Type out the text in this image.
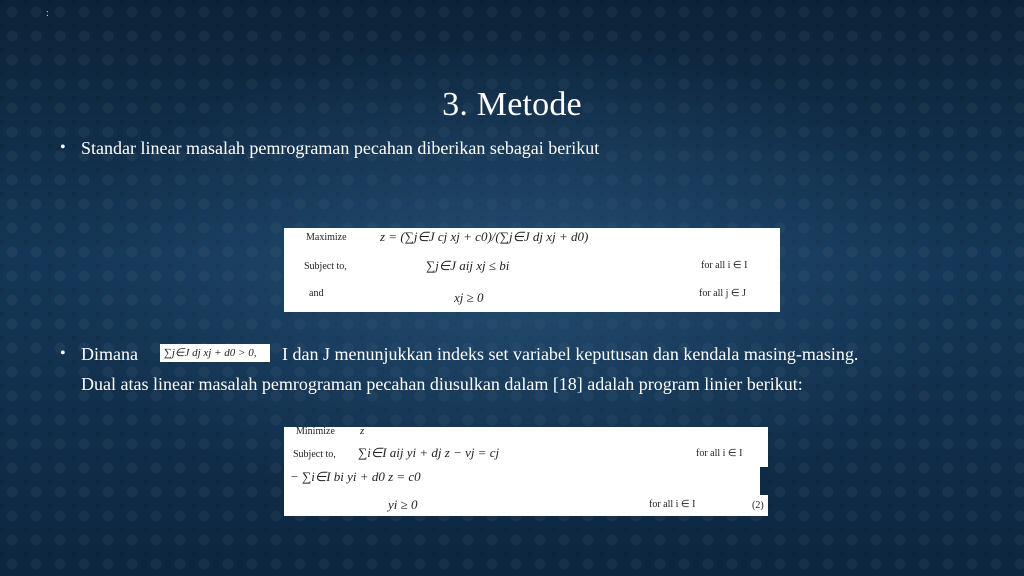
:
3. Metode
• Standar linear masalah pemrograman pecahan diberikan sebagai berikut
Maximize	z = (∑j∈J cj xj + c0)/(∑j∈J dj xj + d0)
Subject to,	∑j∈J aij xj ≤ bi	for all i ∈ I
and	xj ≥ 0	for all j ∈ J
• Dimana	∑j∈J dj xj + d0 > 0,	I dan J menunjukkan indeks set variabel keputusan dan kendala masing-masing.
Dual atas linear masalah pemrograman pecahan diusulkan dalam [18] adalah program linier berikut:
Minimize z
Subject to, ∑i∈I aij yi + dj z − vj = cj	for all i ∈ I
− ∑i∈I bi yi + d0 z = c0
yi ≥ 0	for all i ∈ I	(2)
